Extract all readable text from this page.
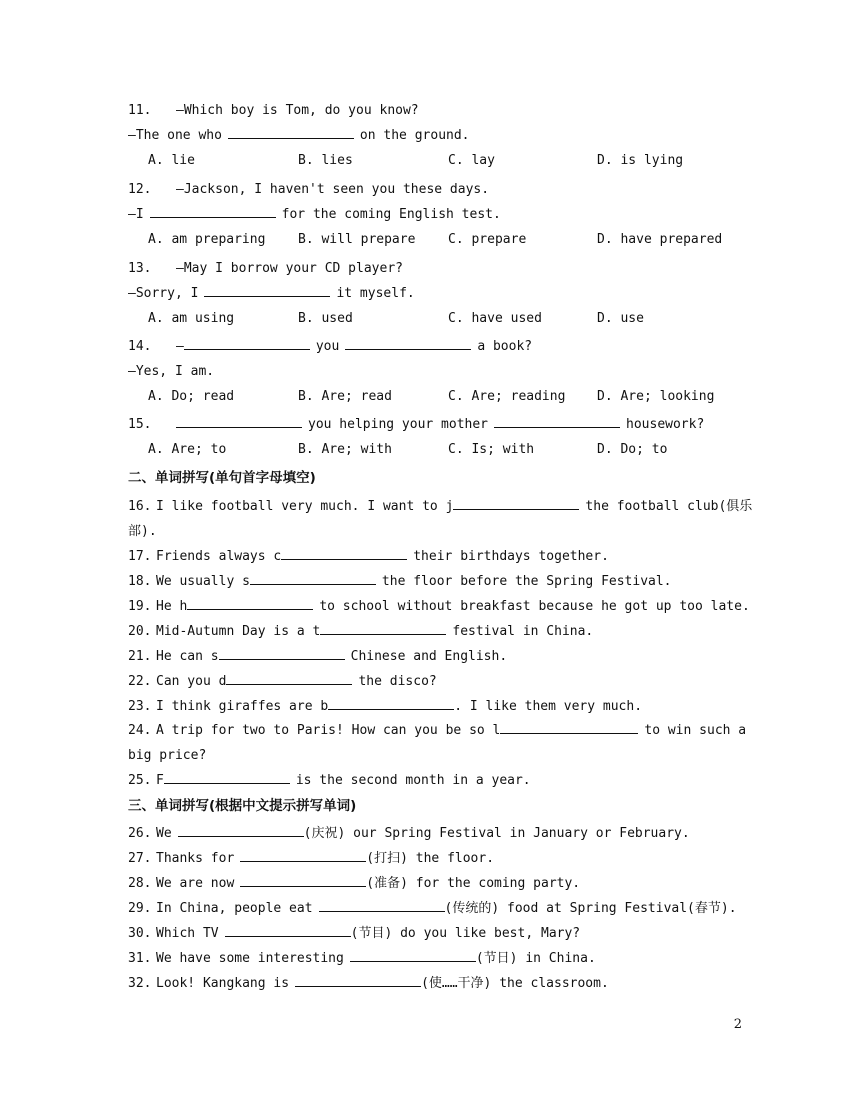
11. —Which boy is Tom, do you know?
—The one who	on the ground.
A. lie	B. lies	C. lay	D. is lying
12. —Jackson, I haven't seen you these days.
—I	for the coming English test.
A. am preparing	B. will prepare	C. prepare	D. have prepared
13. —May I borrow your CD player?
—Sorry, I	it myself.
A. am using	B. used	C. have used	D. use
14. —	you	a book?
—Yes, I am.
A. Do; read	B. Are; read	C. Are; reading D. Are; looking
15.	you helping your mother	housework?
A. Are; to	B. Are; with	C. Is; with	D. Do; to
二、单词拼写(单句首字母填空)
16. I like football very much. I want to j	the football club(俱乐
部).
17. Friends always c	their birthdays together.
18. We usually s	the floor before the Spring Festival.
19. He h	to school without breakfast because he got up too late.
20. Mid-Autumn Day is a t	festival in China.
21. He can s	Chinese and English.
22. Can you d	the disco?
23. I think giraffes are b	. I like them very much.
24. A trip for two to Paris! How can you be so l	to win such a
big price?
25. F	is the second month in a year.
三、单词拼写(根据中文提示拼写单词)
26. We	(庆祝) our Spring Festival in January or February.
27. Thanks for	(打扫) the floor.
28. We are now	(准备) for the coming party.
29. In China, people eat	(传统的) food at Spring Festival(春节).
30. Which TV	(节目) do you like best, Mary?
31. We have some interesting	(节日) in China.
32. Look! Kangkang is	(使……干净) the classroom.
2
